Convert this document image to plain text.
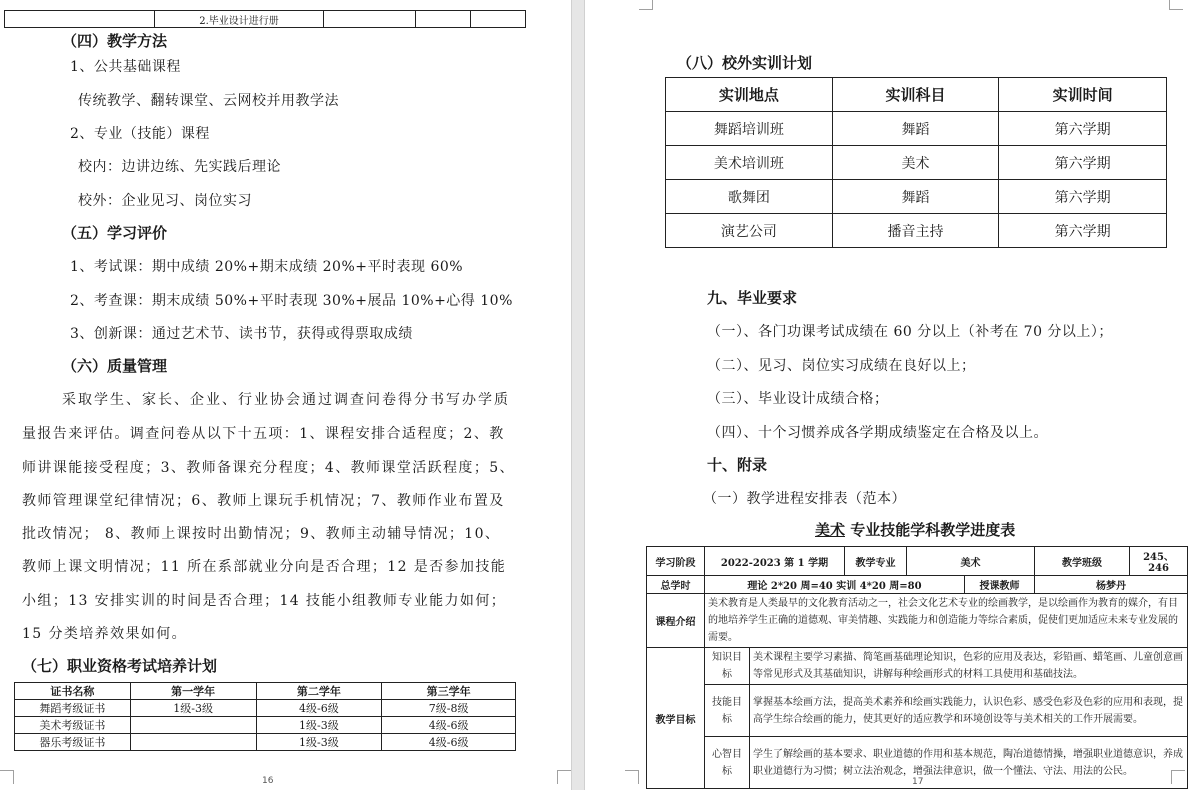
	2.毕业设计进行册			
（四）教学方法
1、公共基础课程
传统教学、翻转课堂、云网校并用教学法
2、专业（技能）课程
校内：边讲边练、先实践后理论
校外：企业见习、岗位实习
（五）学习评价
1、考试课：期中成绩 20%+期末成绩 20%+平时表现 60%
2、考查课：期末成绩 50%+平时表现 30%+展品 10%+心得 10%
3、创新课：通过艺术节、读书节，获得或得票取成绩
（六）质量管理
采取学生、家长、企业、行业协会通过调查问卷得分书写办学质
量报告来评估。调查问卷从以下十五项：1、课程安排合适程度；2、教
师讲课能接受程度；3、教师备课充分程度；4、教师课堂活跃程度；5、
教师管理课堂纪律情况；6、教师上课玩手机情况；7、教师作业布置及
批改情况； 8、教师上课按时出勤情况；9、教师主动辅导情况；10、
教师上课文明情况；11 所在系部就业分向是否合理；12 是否参加技能
小组；13 安排实训的时间是否合理；14 技能小组教师专业能力如何；
15 分类培养效果如何。
（七）职业资格考试培养计划
证书名称	第一学年	第二学年	第三学年
舞蹈考级证书	1级-3级	4级-6级	7级-8级
美术考级证书		1级-3级	4级-6级
器乐考级证书		1级-3级	4级-6级
16
（八）校外实训计划
实训地点	实训科目	实训时间
舞蹈培训班	舞蹈	第六学期
美术培训班	美术	第六学期
歌舞团	舞蹈	第六学期
演艺公司	播音主持	第六学期
九、毕业要求
（一）、各门功课考试成绩在 60 分以上（补考在 70 分以上）；
（二）、见习、岗位实习成绩在良好以上；
（三）、毕业设计成绩合格；
（四）、十个习惯养成各学期成绩鉴定在合格及以上。
十、附录
（一）教学进程安排表（范本）
美术 专业技能学科教学进度表
学习阶段	2022-2023 第 1 学期		教学专业	美术		教学班级	245、246
总学时	理论 2*20 周=40 实训 4*20 周=80				授课教师	杨梦丹	
课程介绍	美术教育是人类最早的文化教育活动之一，社会文化艺术专业的绘画教学，是以绘画作为教育的媒介，有目的地培养学生正确的道德观、审美情趣、实践能力和创造能力等综合素质，促使们更加适应未来专业发展的需要。						
教学目标	知识目标	美术课程主要学习素描、简笔画基础理论知识，色彩的应用及表达，彩铅画、蜡笔画、儿童创意画等常见形式及其基础知识，讲解每种绘画形式的材料工具使用和基础技法。					
	技能目标	掌握基本绘画方法，提高美术素养和绘画实践能力，认识色彩、感受色彩及色彩的应用和表现，提高学生综合绘画的能力，使其更好的适应教学和环境创设等与美术相关的工作开展需要。					
	心智目标	学生了解绘画的基本要求、职业道德的作用和基本规范，陶冶道德情操，增强职业道德意识，养成职业道德行为习惯；树立法治观念，增强法律意识，做一个懂法、守法、用法的公民。					
17
